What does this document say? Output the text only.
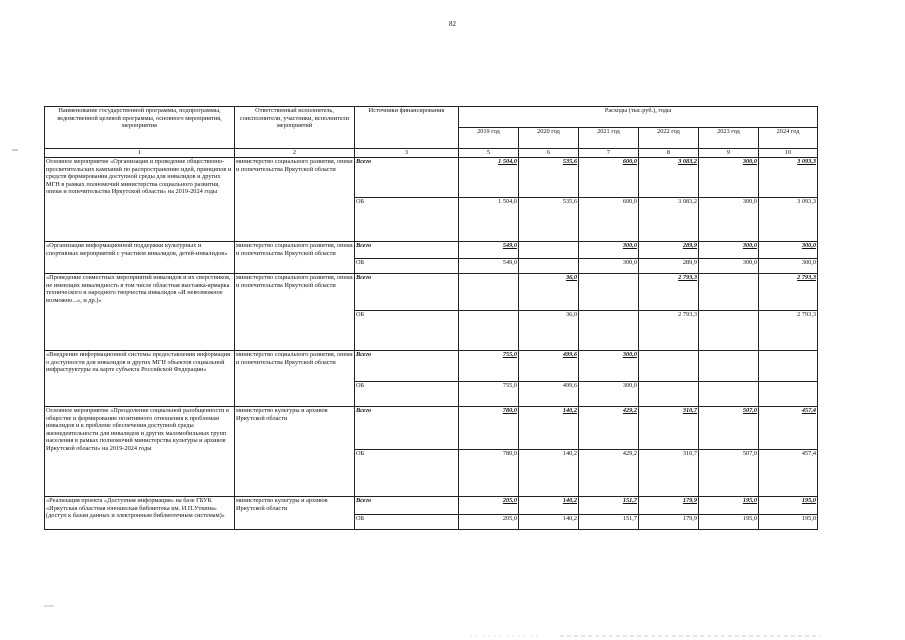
82
Наименование государственной программы, подпрограммы, ведомственной целевой программы, основного мероприятия, мероприятия	Ответственный исполнитель, соисполнители, участники, исполнители мероприятий	Источники финансирования	Расходы (тыс.руб.), годы					
			2019 год	2020 год	2021 год	2022 год	2023 год	2024 год
1	2	3	5	6	7	8	9	10
Основное мероприятие «Организация и проведение общественно-просветительских кампаний по распространению идей, принципов и средств формирования доступной среды для инвалидов и других МГН в рамках полномочий министерства социального развития, опеки и попечительства Иркутской области» на 2019-2024 годы	министерство социального развития, опеки и попечительства Иркутской области	Всего	1 504,0	535,6	600,0	3 083,2	300,0	3 093,3
		ОБ	1 504,0	535,6	600,0	3 083,2	300,0	3 093,3
«Организация информационной поддержки культурных и спортивных мероприятий с участием инвалидов, детей-инвалидов»	министерство социального развития, опеки и попечительства Иркутской области	Всего	549,0		300,0	289,9	300,0	300,0
		ОБ	549,0		300,0	289,9	300,0	300,0
«Проведение совместных мероприятий инвалидов и их сверстников, не имеющих инвалидность в том числе областная выставка-ярмарка технического и народного творчества инвалидов «И невозможное возможно...», и др.)»	министерство социального развития, опеки и попечительства Иркутской области	Всего		36,0		2 793,3		2 793,3
		ОБ		36,0		2 793,3		2 793,3
«Внедрение информационной системы предоставления информации о доступности для инвалидов и других МГН объектов социальной инфраструктуры на карте субъекта Российской Федерации»	министерство социального развития, опеки и попечительства Иркутской области	Всего	755,0	499,6	300,0			
		ОБ	755,0	499,6	300,0			
Основное мероприятие «Преодоление социальной разобщенности в обществе и формирование позитивного отношения к проблемам инвалидов и к проблеме обеспечения доступной среды жизнедеятельности для инвалидов и других маломобильных групп населения в рамках полномочий министерства культуры и архивов Иркутской области» на 2019-2024 годы	министерство культуры и архивов Иркутской области	Всего	780,0	140,2	429,2	310,7	507,0	457,4
		ОБ	780,0	140,2	429,2	310,7	507,0	457,4
«Реализация проекта «Доступная информация» на базе ГБУК «Иркутская областная юношеская библиотека им. И.П.Уткина» (доступ к базам данных и электронным библиотечным системам)»	министерство культуры и архивов Иркутской области	Всего	205,0	140,2	151,7	179,9	195,0	195,0
		ОБ	205,0	140,2	151,7	179,9	195,0	195,0
